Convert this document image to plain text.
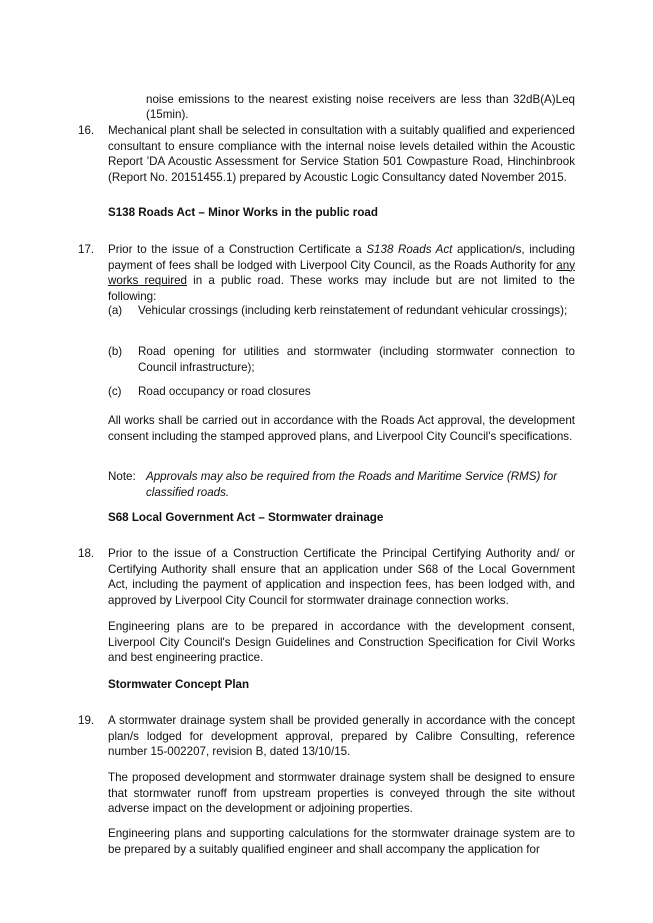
noise emissions to the nearest existing noise receivers are less than 32dB(A)Leq (15min).

16. Mechanical plant shall be selected in consultation with a suitably qualified and experienced consultant to ensure compliance with the internal noise levels detailed within the Acoustic Report 'DA Acoustic Assessment for Service Station 501 Cowpasture Road, Hinchinbrook (Report No. 20151455.1) prepared by Acoustic Logic Consultancy dated November 2015.

S138 Roads Act – Minor Works in the public road
17. Prior to the issue of a Construction Certificate a S138 Roads Act application/s, including payment of fees shall be lodged with Liverpool City Council, as the Roads Authority for any works required in a public road. These works may include but are not limited to the following:

(a) Vehicular crossings (including kerb reinstatement of redundant vehicular crossings);
(b) Road opening for utilities and stormwater (including stormwater connection to Council infrastructure);
(c) Road occupancy or road closures

All works shall be carried out in accordance with the Roads Act approval, the development consent including the stamped approved plans, and Liverpool City Council's specifications.

Note: Approvals may also be required from the Roads and Maritime Service (RMS) for classified roads.
S68 Local Government Act – Stormwater drainage
18. Prior to the issue of a Construction Certificate the Principal Certifying Authority and/ or Certifying Authority shall ensure that an application under S68 of the Local Government Act, including the payment of application and inspection fees, has been lodged with, and approved by Liverpool City Council for stormwater drainage connection works.

Engineering plans are to be prepared in accordance with the development consent, Liverpool City Council's Design Guidelines and Construction Specification for Civil Works and best engineering practice.

Stormwater Concept Plan
19. A stormwater drainage system shall be provided generally in accordance with the concept plan/s lodged for development approval, prepared by Calibre Consulting, reference number 15-002207, revision B, dated 13/10/15.

The proposed development and stormwater drainage system shall be designed to ensure that stormwater runoff from upstream properties is conveyed through the site without adverse impact on the development or adjoining properties.

Engineering plans and supporting calculations for the stormwater drainage system are to be prepared by a suitably qualified engineer and shall accompany the application for
